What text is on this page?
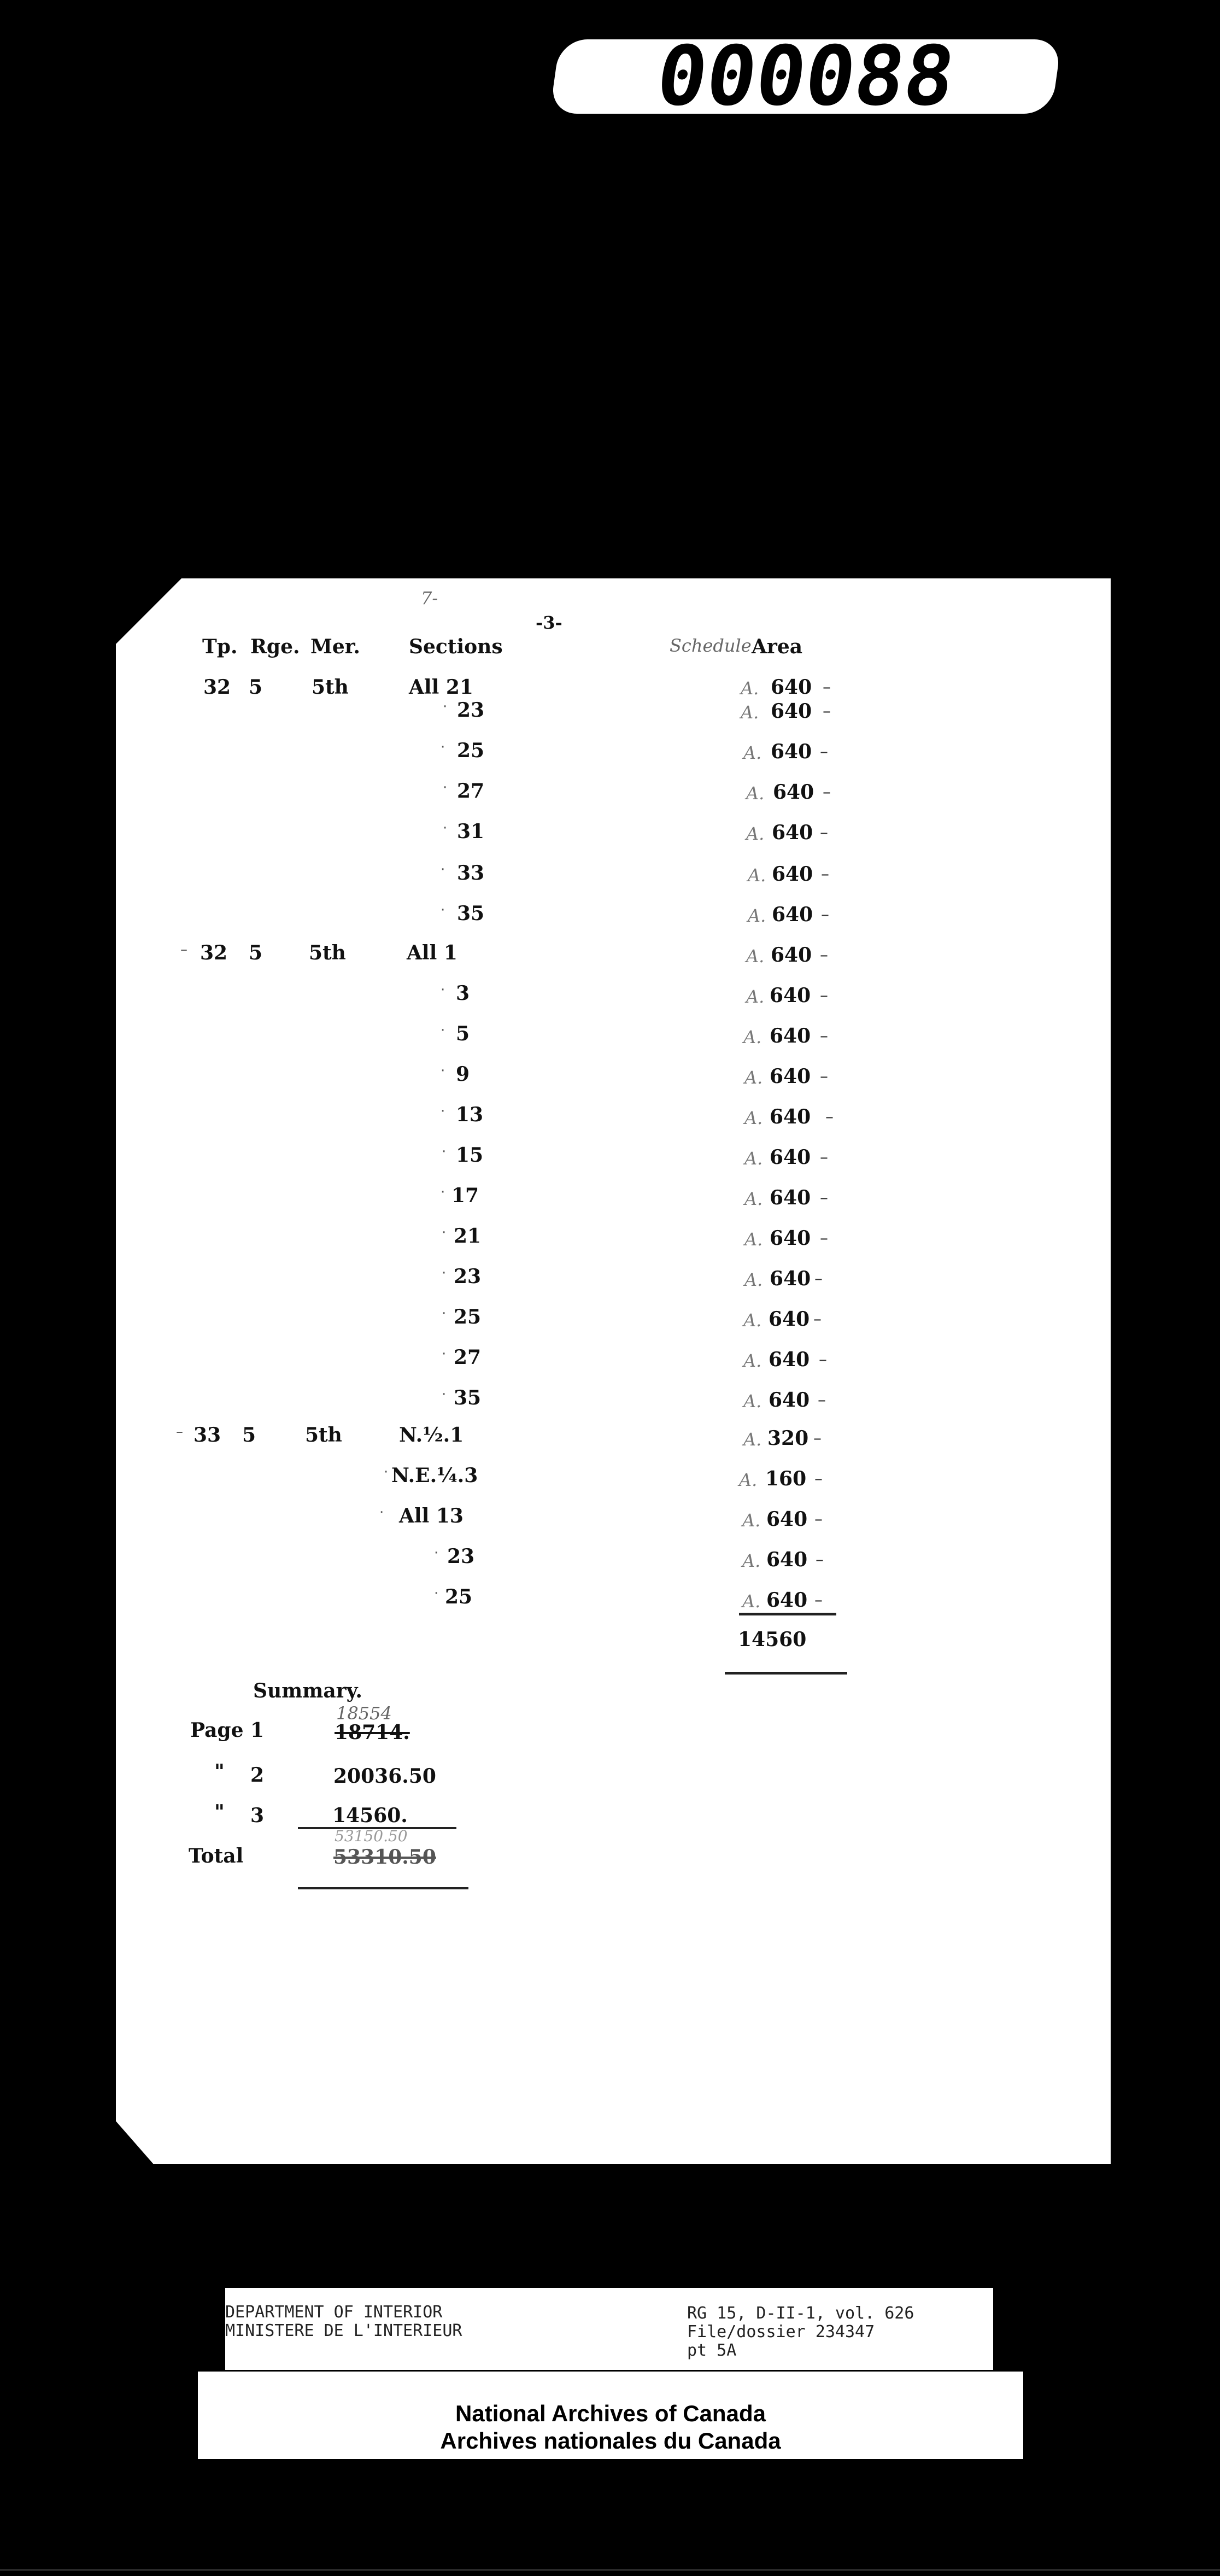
000088
7-
-3-
Tp. Rge. Mer. Sections	Schedule Area
32 5 5th	All 21	A. 640 –
· 23	A. 640 –
· 25	A. 640 –
· 27	A. 640 –
· 31	A. 640 –
· 33	A. 640 –
· 35	A. 640 –
– 32 5 5th	All 1	A. 640 –
· 3	A. 640 –
· 5	A. 640 –
· 9	A. 640 –
· 13	A. 640 –
· 15	A. 640 –
· 17	A. 640 –
· 21	A. 640 –
· 23	A. 640 –
· 25	A. 640 –
· 27	A. 640 –
· 35	A. 640 –
– 33 5 5th	N.½.1	A. 320 –
· N.E.¼.3	A. 160 –
· All 13	A. 640 –
· 23	A. 640 –
· 25	A. 640 –
14560
Summary.
18554
Page 1	18714.
" 2	20036.50
" 3	14560.
53150.50
Total	53310.50
DEPARTMENT OF INTERIOR
MINISTERE DE L'INTERIEUR
RG 15, D-II-1, vol. 626
File/dossier 234347
pt 5A
National Archives of Canada
Archives nationales du Canada
